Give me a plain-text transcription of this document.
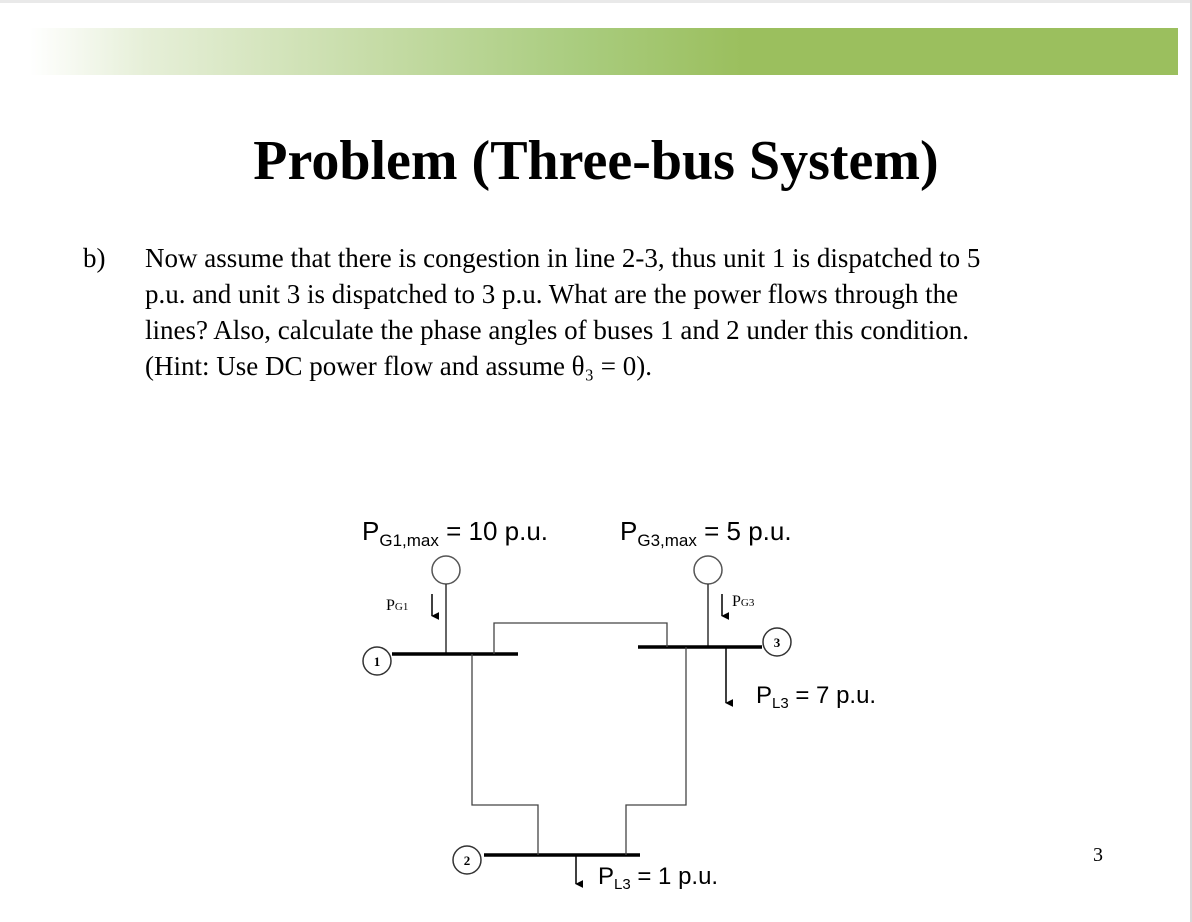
Problem (Three-bus System)
b) Now assume that there is congestion in line 2-3, thus unit 1 is dispatched to 5
p.u. and unit 3 is dispatched to 3 p.u. What are the power flows through the
lines? Also, calculate the phase angles of buses 1 and 2 under this condition.
(Hint: Use DC power flow and assume θ₃ = 0).
$P_{G1,max} = 10$ p.u.	$P_{G3,max} = 5$ p.u.
PG1	PG3
1
3
2
$P_{L3} = 7$ p.u.
$P_{L3} = 1$ p.u.
3
